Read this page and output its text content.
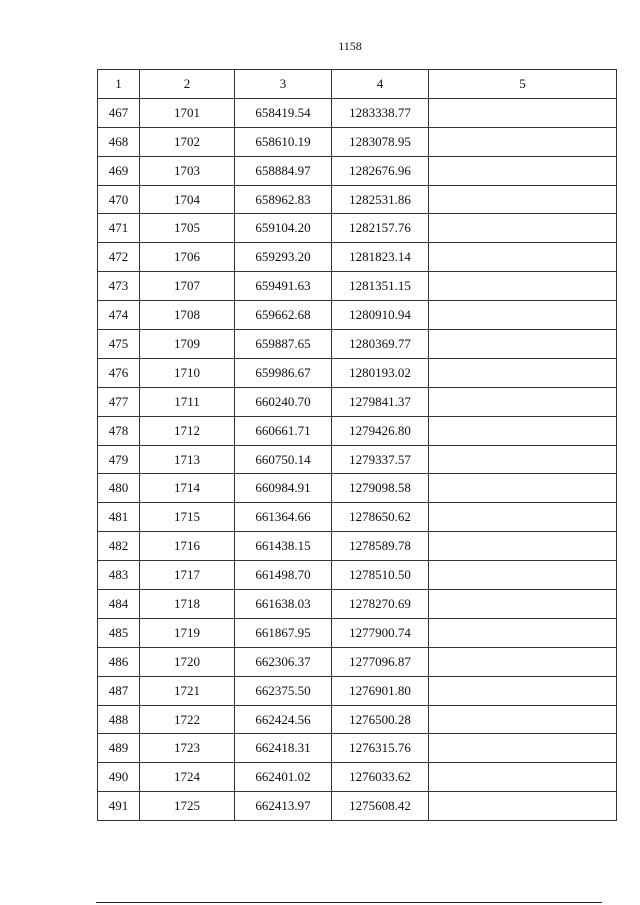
1158
1	2	3	4	5
467	1701	658419.54	1283338.77	
468	1702	658610.19	1283078.95	
469	1703	658884.97	1282676.96	
470	1704	658962.83	1282531.86	
471	1705	659104.20	1282157.76	
472	1706	659293.20	1281823.14	
473	1707	659491.63	1281351.15	
474	1708	659662.68	1280910.94	
475	1709	659887.65	1280369.77	
476	1710	659986.67	1280193.02	
477	1711	660240.70	1279841.37	
478	1712	660661.71	1279426.80	
479	1713	660750.14	1279337.57	
480	1714	660984.91	1279098.58	
481	1715	661364.66	1278650.62	
482	1716	661438.15	1278589.78	
483	1717	661498.70	1278510.50	
484	1718	661638.03	1278270.69	
485	1719	661867.95	1277900.74	
486	1720	662306.37	1277096.87	
487	1721	662375.50	1276901.80	
488	1722	662424.56	1276500.28	
489	1723	662418.31	1276315.76	
490	1724	662401.02	1276033.62	
491	1725	662413.97	1275608.42	
